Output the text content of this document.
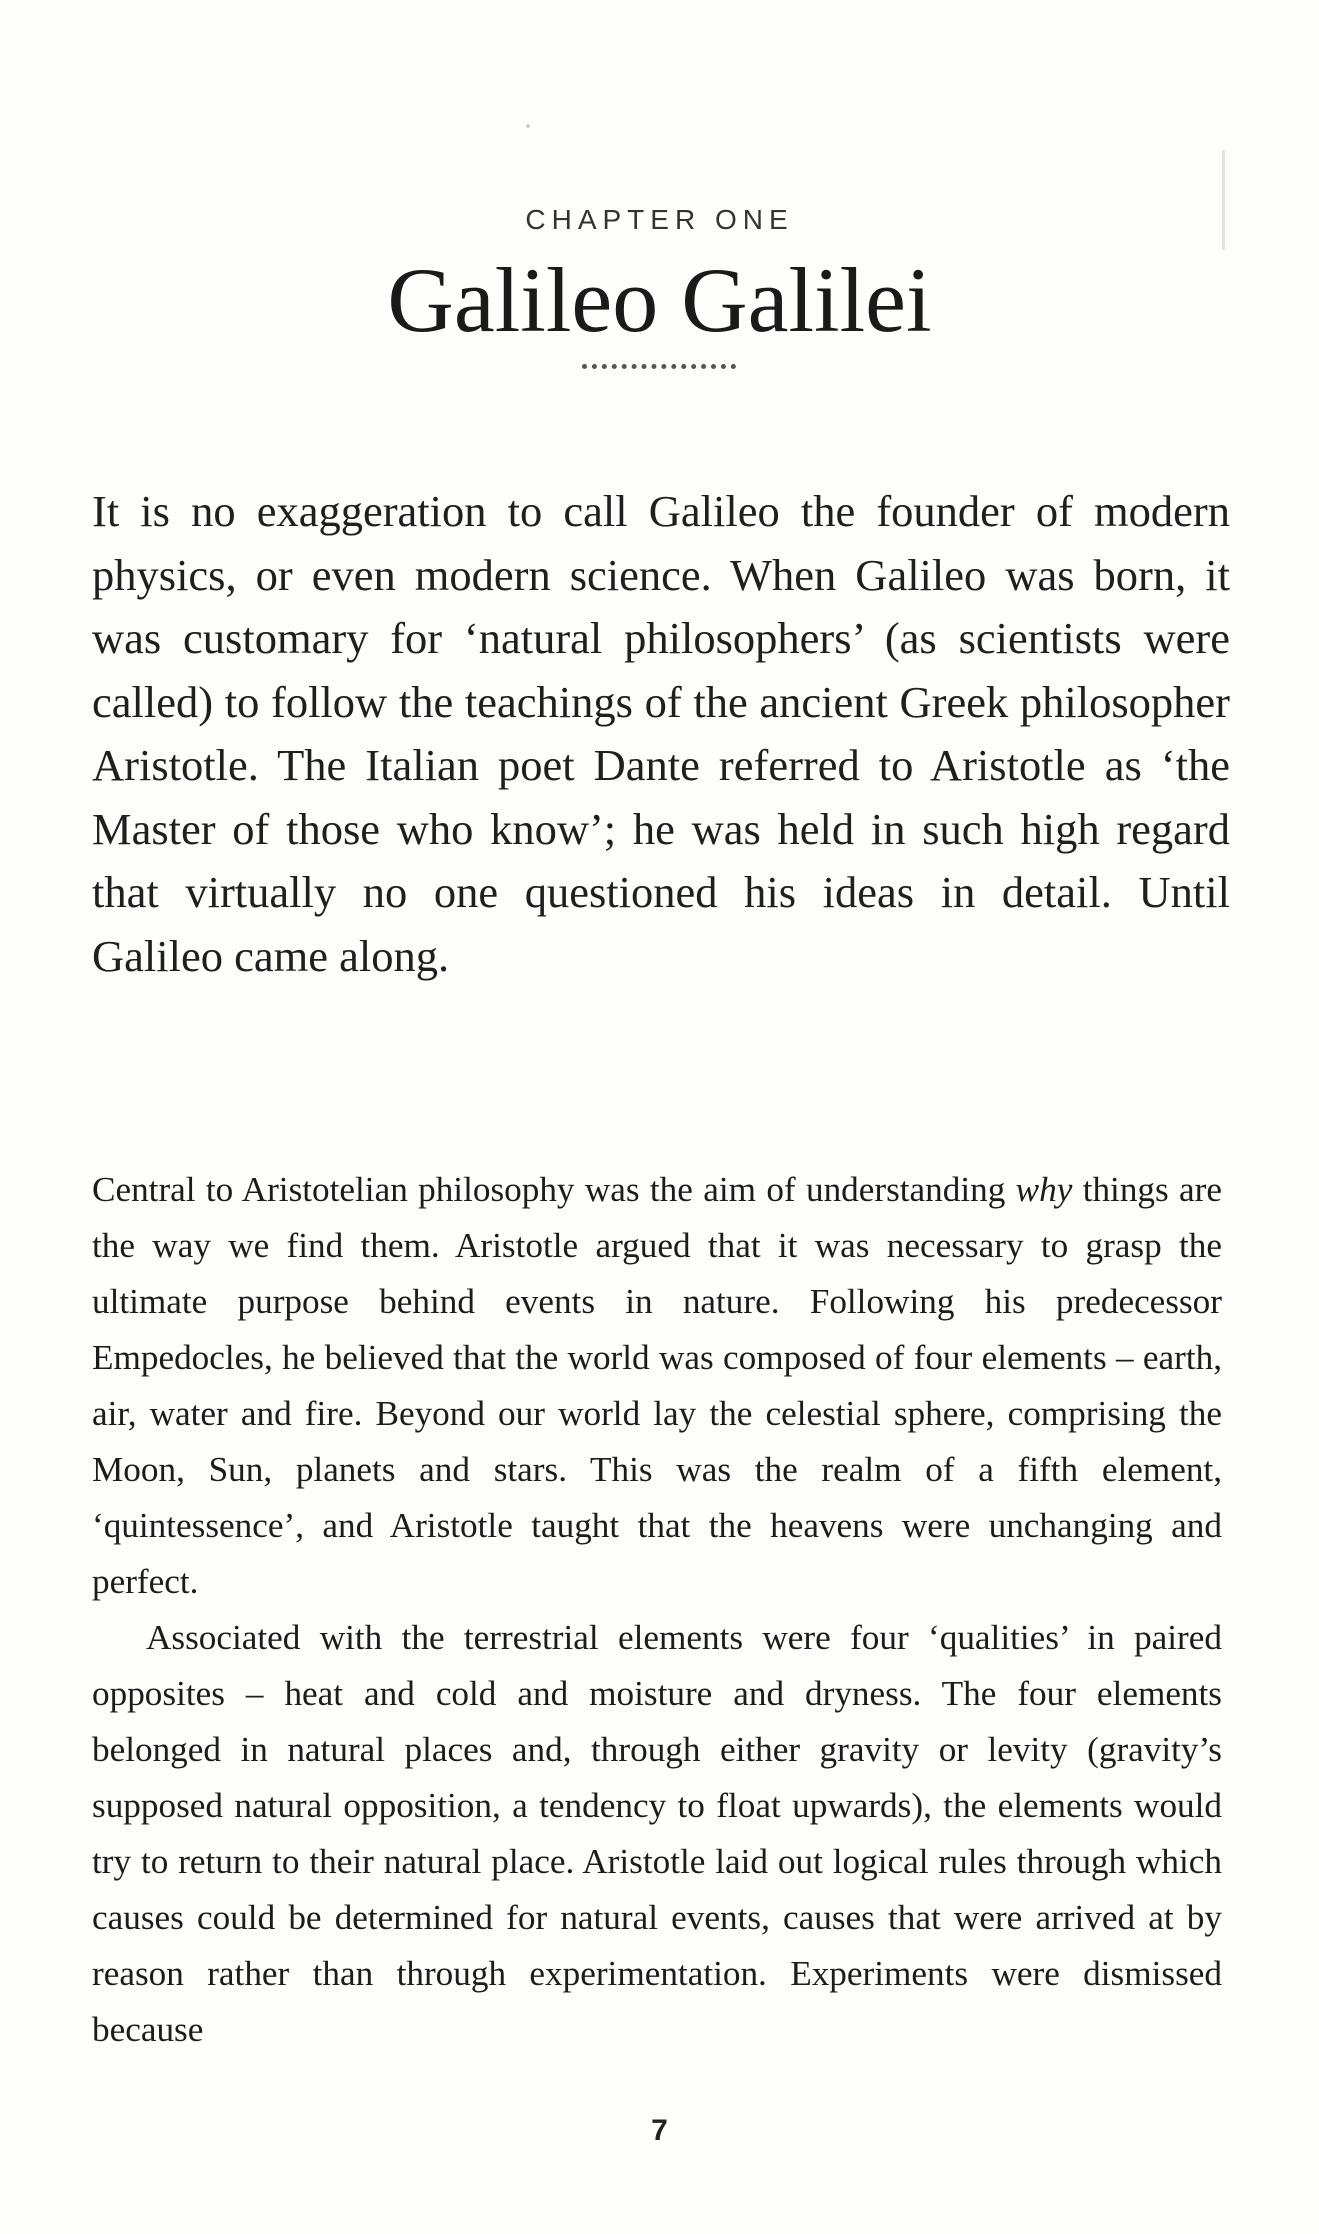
CHAPTER ONE
Galileo Galilei

It is no exaggeration to call Galileo the founder of modern physics, or even modern science. When Galileo was born, it was customary for ‘natural philosophers’ (as scientists were called) to follow the teachings of the ancient Greek philosopher Aristotle. The Italian poet Dante referred to Aristotle as ‘the Master of those who know’; he was held in such high regard that virtually no one questioned his ideas in detail. Until Galileo came along.

Central to Aristotelian philosophy was the aim of understanding why things are the way we find them. Aristotle argued that it was necessary to grasp the ultimate purpose behind events in nature. Following his predecessor Empedocles, he believed that the world was composed of four elements – earth, air, water and fire. Beyond our world lay the celestial sphere, comprising the Moon, Sun, planets and stars. This was the realm of a fifth element, ‘quintessence’, and Aristotle taught that the heavens were unchanging and perfect.

Associated with the terrestrial elements were four ‘qualities’ in paired opposites – heat and cold and moisture and dryness. The four elements belonged in natural places and, through either gravity or levity (gravity’s supposed natural opposition, a tendency to float upwards), the elements would try to return to their natural place. Aristotle laid out logical rules through which causes could be determined for natural events, causes that were arrived at by reason rather than through experimentation. Experiments were dismissed because

7
